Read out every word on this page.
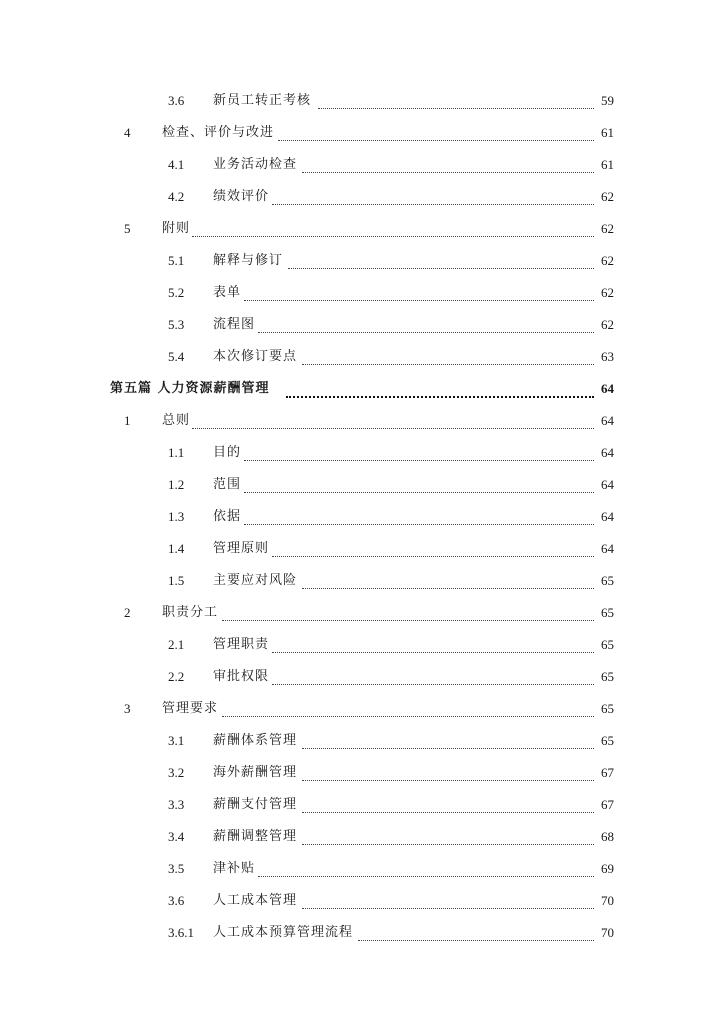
3.6 新员工转正考核	59
4 检查、评价与改进	61
4.1 业务活动检查	61
4.2 绩效评价	62
5 附则	62
5.1 解释与修订	62
5.2 表单	62
5.3 流程图	62
5.4 本次修订要点	63
第五篇 人力资源薪酬管理	64
1 总则	64
1.1 目的	64
1.2 范围	64
1.3 依据	64
1.4 管理原则	64
1.5 主要应对风险	65
2 职责分工	65
2.1 管理职责	65
2.2 审批权限	65
3 管理要求	65
3.1 薪酬体系管理	65
3.2 海外薪酬管理	67
3.3 薪酬支付管理	67
3.4 薪酬调整管理	68
3.5 津补贴	69
3.6 人工成本管理	70
3.6.1 人工成本预算管理流程	70
